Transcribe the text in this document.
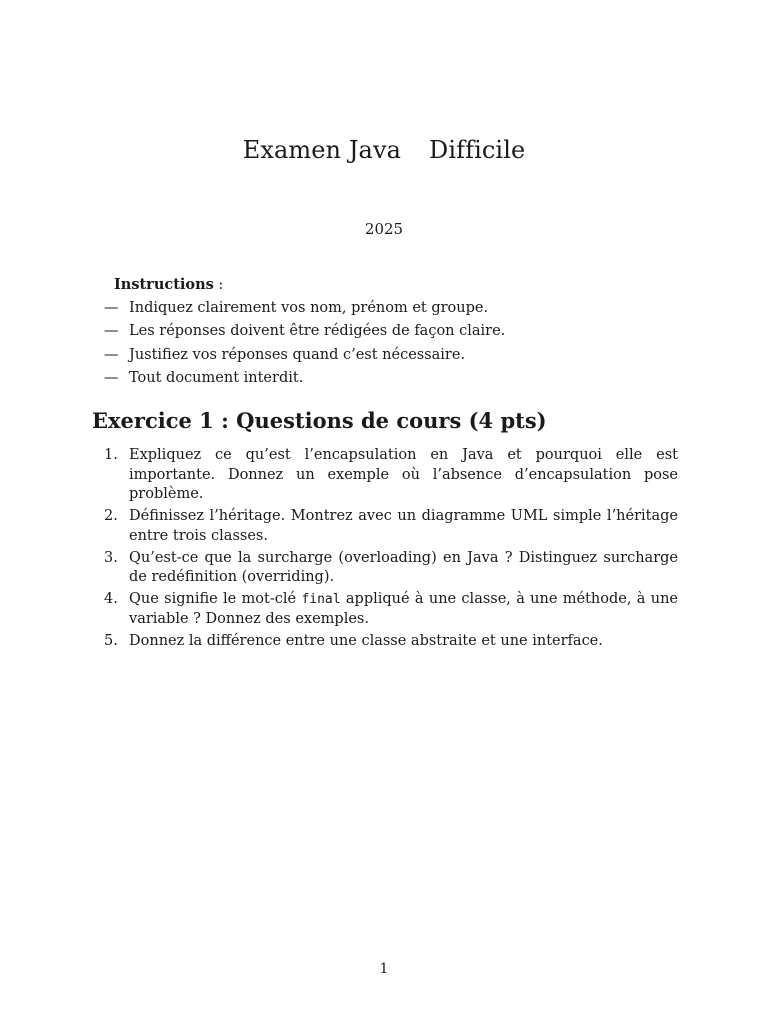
Examen Java Difficile
2025
Instructions :
— Indiquez clairement vos nom, prénom et groupe.
— Les réponses doivent être rédigées de façon claire.
— Justifiez vos réponses quand c’est nécessaire.
— Tout document interdit.
Exercice 1 : Questions de cours (4 pts)
1. Expliquez ce qu’est l’encapsulation en Java et pourquoi elle est importante. Donnez un exemple où l’absence d’encapsulation pose problème.
2. Définissez l’héritage. Montrez avec un diagramme UML simple l’héritage entre trois classes.
3. Qu’est-ce que la surcharge (overloading) en Java ? Distinguez surcharge de redéfinition (overriding).
4. Que signifie le mot-clé final appliqué à une classe, à une méthode, à une variable ? Donnez des exemples.
5. Donnez la différence entre une classe abstraite et une interface.
1
